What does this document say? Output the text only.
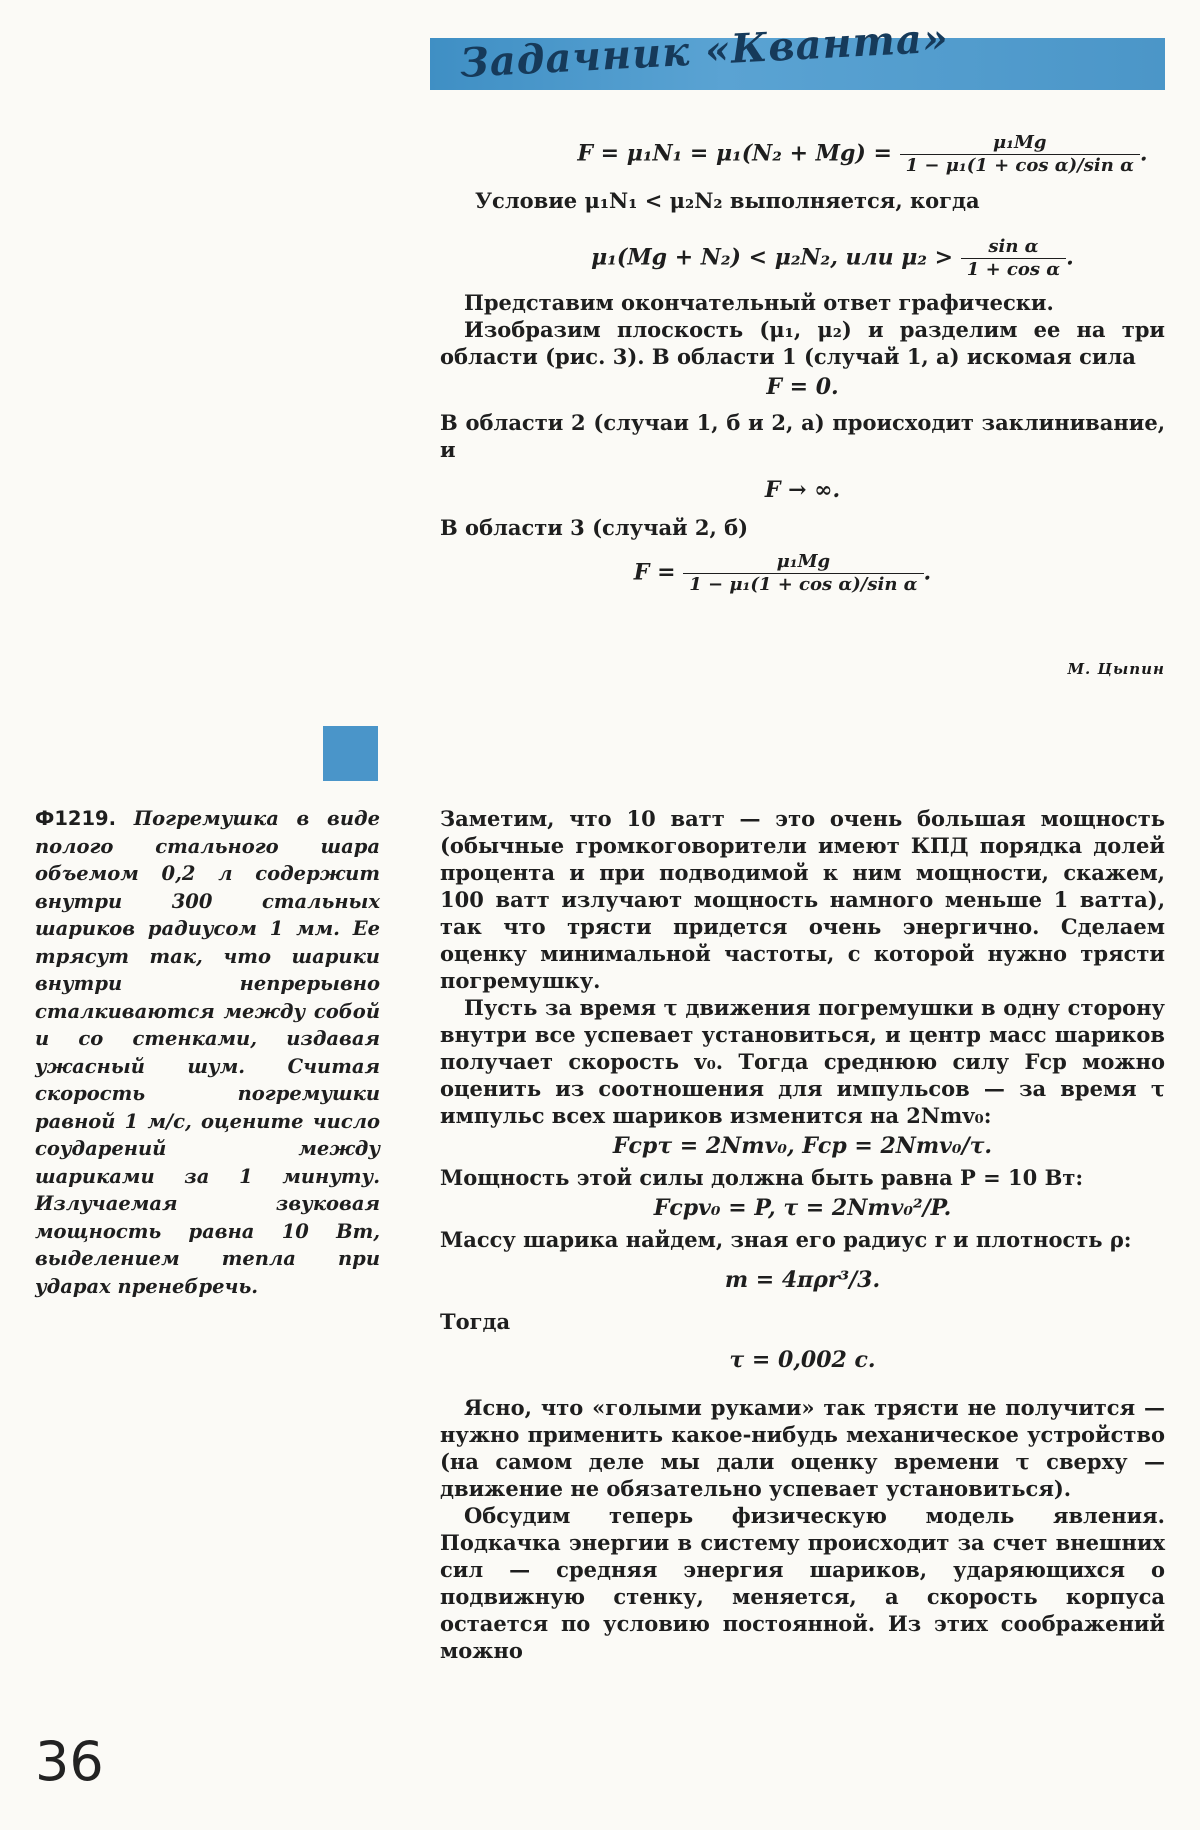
Задачник «Кванта»
$F = \mu_1N_1 = \mu_1(N_2 + Mg) = \frac{\text{μ₁Mg}}{\text{1 − μ₁(1 + cos α)/sin α}}$ .

Условие μ₁N₁ < μ₂N₂ выполняется, когда

μ₁(Mg + N₂) < μ₂N₂, или $\mu_2 > \frac{\text{sin α}}{\text{1 + cos α}}$ .

Представим окончательный ответ графически.

Изобразим плоскость (μ₁, μ₂) и разделим ее на три области (рис. 3). В области 1 (случай 1, а) искомая сила

F = 0.

В области 2 (случаи 1, б и 2, а) происходит заклинивание, и

F → ∞.

В области 3 (случай 2, б)

$F = \frac{\text{μ₁Mg}}{\text{1 − μ₁(1 + cos α)/sin α}}$ .
М. Цыпин
Ф1219. Погремушка в виде полого стального шара объемом 0,2 л содержит внутри 300 стальных шариков радиусом 1 мм. Ее трясут так, что шарики внутри непрерывно сталкиваются между собой и со стенками, издавая ужасный шум. Считая скорость погремушки равной 1 м/с, оцените число соударений между шариками за 1 минуту. Излучаемая звуковая мощность равна 10 Вт, выделением тепла при ударах пренебречь.

Заметим, что 10 ватт — это очень большая мощность (обычные громкоговорители имеют КПД порядка долей процента и при подводимой к ним мощности, скажем, 100 ватт излучают мощность намного меньше 1 ватта), так что трясти придется очень энергично. Сделаем оценку минимальной частоты, с которой нужно трясти погремушку.

Пусть за время τ движения погремушки в одну сторону внутри все успевает установиться, и центр масс шариков получает скорость v₀. Тогда среднюю силу Fср можно оценить из соотношения для импульсов — за время τ импульс всех шариков изменится на 2Nmv₀:

Fсрτ = 2Nmv₀, Fср = 2Nmv₀/τ.

Мощность этой силы должна быть равна P = 10 Вт:

Fсрv₀ = P, τ = 2Nmv₀²/P.

Массу шарика найдем, зная его радиус r и плотность ρ:

m = 4πρr³/3.

Тогда

τ = 0,002 с.

Ясно, что «голыми руками» так трясти не получится — нужно применить какое-нибудь механическое устройство (на самом деле мы дали оценку времени τ сверху — движение не обязательно успевает установиться).

Обсудим теперь физическую модель явления. Подкачка энергии в систему происходит за счет внешних сил — средняя энергия шариков, ударяющихся о подвижную стенку, меняется, а скорость корпуса остается по условию постоянной. Из этих соображений можно

36
